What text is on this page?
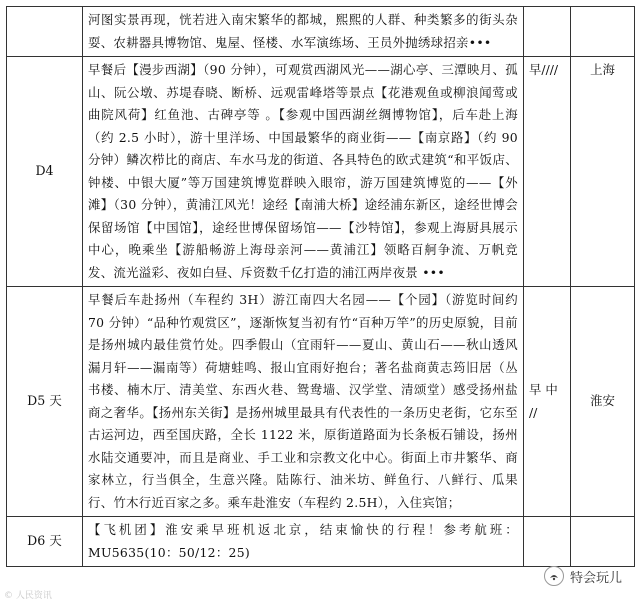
	河图实景再现，恍若进入南宋繁华的都城，熙熙的人群、种类繁多的街头杂耍、农耕器具博物馆、鬼屋、怪楼、水军演练场、王员外抛绣球招亲•••		
D4	早餐后【漫步西湖】（90 分钟），可观赏西湖风光——湖心亭、三潭映月、孤山、阮公墩、苏堤春晓、断桥、远观雷峰塔等景点【花港观鱼或柳浪闻莺或曲院风荷】红鱼池、古碑亭等 。【参观中国西湖丝绸博物馆】，后车赴上海（约 2.5 小时），游十里洋场、中国最繁华的商业街——【南京路】（约 90 分钟）鳞次栉比的商店、车水马龙的街道、各具特色的欧式建筑“和平饭店、钟楼、中银大厦”等万国建筑博览群映入眼帘，游万国建筑博览的——【外滩】（30 分钟），黄浦江风光！途经【南浦大桥】途经浦东新区，途经世博会保留场馆【中国馆】，途经世博保留场馆——【沙特馆】，参观上海厨具展示中心，晚乘坐【游船畅游上海母亲河——黄浦江】领略百舸争流、万帆竞发、流光溢彩、夜如白昼、斥资数千亿打造的浦江两岸夜景 •••	早////	上海
D5 天	早餐后车赴扬州（车程约 3H）游江南四大名园——【个园】（游览时间约 70 分钟）“品种竹观赏区”，逐渐恢复当初有竹“百种万竿”的历史原貌，目前是扬州城内最佳赏竹处。四季假山（宜雨轩——夏山、黄山石——秋山透风漏月轩——漏南等）荷塘蛙鸣、报山宜雨好抱台；著名盐商黄志筠旧居（丛书楼、楠木厅、清美堂、东西火巷、鸳鸯墙、汉学堂、清颂堂）感受扬州盐商之奢华。【扬州东关街】是扬州城里最具有代表性的一条历史老街，它东至古运河边，西至国庆路，全长 1122 米，原街道路面为长条板石铺设，扬州水陆交通要冲，而且是商业、手工业和宗教文化中心。街面上市井繁华、商家林立，行当俱全，生意兴隆。陆陈行、油米坊、鲜鱼行、八鲜行、瓜果行、竹木行近百家之多。乘车赴淮安（车程约 2.5H），入住宾馆；	早 中 //	淮安
D6 天	【飞机团】淮安乘早班机返北京，结束愉快的行程！参考航班：MU5635(10：50/12：25)		
特会玩儿
© 人民资讯
